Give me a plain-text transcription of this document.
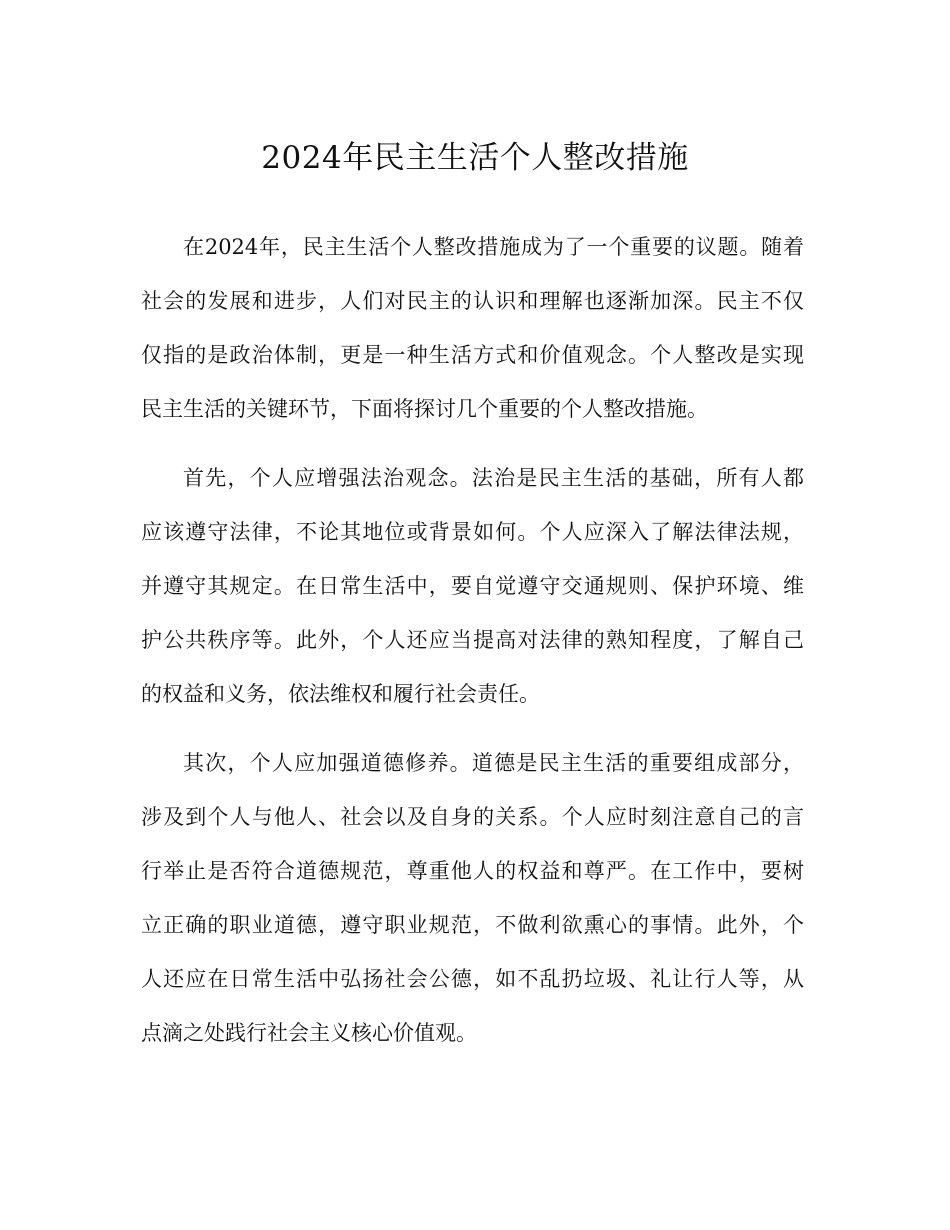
2024年民主生活个人整改措施
在2024年，民主生活个人整改措施成为了一个重要的议题。随着
社会的发展和进步，人们对民主的认识和理解也逐渐加深。民主不仅
仅指的是政治体制，更是一种生活方式和价值观念。个人整改是实现
民主生活的关键环节，下面将探讨几个重要的个人整改措施。
首先，个人应增强法治观念。法治是民主生活的基础，所有人都
应该遵守法律，不论其地位或背景如何。个人应深入了解法律法规，
并遵守其规定。在日常生活中，要自觉遵守交通规则、保护环境、维
护公共秩序等。此外，个人还应当提高对法律的熟知程度，了解自己
的权益和义务，依法维权和履行社会责任。
其次，个人应加强道德修养。道德是民主生活的重要组成部分，
涉及到个人与他人、社会以及自身的关系。个人应时刻注意自己的言
行举止是否符合道德规范，尊重他人的权益和尊严。在工作中，要树
立正确的职业道德，遵守职业规范，不做利欲熏心的事情。此外，个
人还应在日常生活中弘扬社会公德，如不乱扔垃圾、礼让行人等，从
点滴之处践行社会主义核心价值观。
